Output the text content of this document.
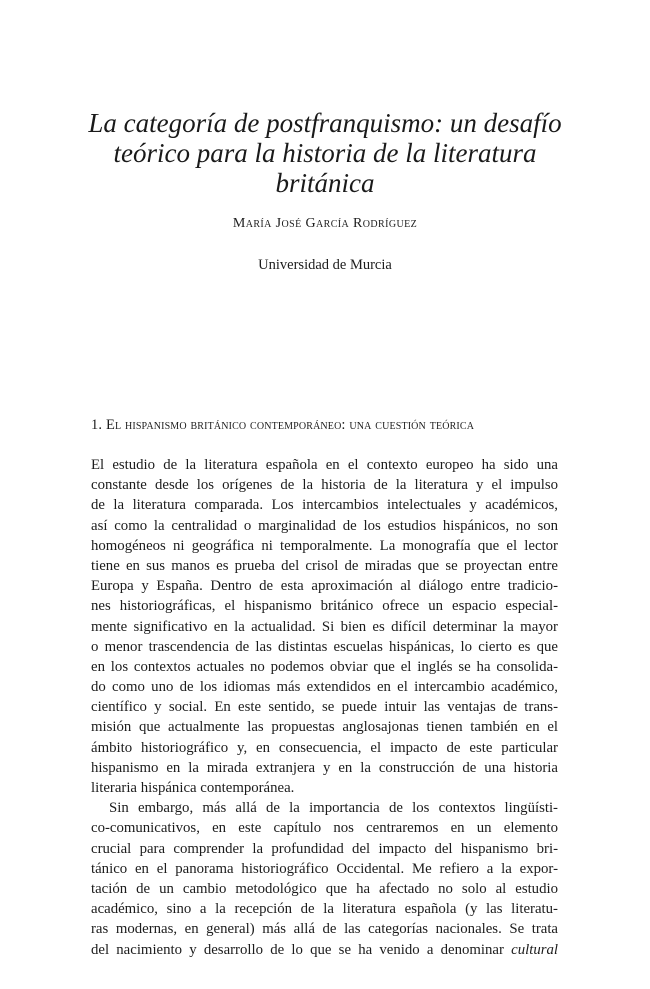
La categoría de postfranquismo: un desafío
teórico para la historia de la literatura
británica
María José García Rodríguez
Universidad de Murcia
1. El hispanismo británico contemporáneo: una cuestión teórica
El estudio de la literatura española en el contexto europeo ha sido una
constante desde los orígenes de la historia de la literatura y el impulso
de la literatura comparada. Los intercambios intelectuales y académicos,
así como la centralidad o marginalidad de los estudios hispánicos, no son
homogéneos ni geográfica ni temporalmente. La monografía que el lector
tiene en sus manos es prueba del crisol de miradas que se proyectan entre
Europa y España. Dentro de esta aproximación al diálogo entre tradicio-
nes historiográficas, el hispanismo británico ofrece un espacio especial-
mente significativo en la actualidad. Si bien es difícil determinar la mayor
o menor trascendencia de las distintas escuelas hispánicas, lo cierto es que
en los contextos actuales no podemos obviar que el inglés se ha consolida-
do como uno de los idiomas más extendidos en el intercambio académico,
científico y social. En este sentido, se puede intuir las ventajas de trans-
misión que actualmente las propuestas anglosajonas tienen también en el
ámbito historiográfico y, en consecuencia, el impacto de este particular
hispanismo en la mirada extranjera y en la construcción de una historia
literaria hispánica contemporánea.
Sin embargo, más allá de la importancia de los contextos lingüísti-
co-comunicativos, en este capítulo nos centraremos en un elemento
crucial para comprender la profundidad del impacto del hispanismo bri-
tánico en el panorama historiográfico Occidental. Me refiero a la expor-
tación de un cambio metodológico que ha afectado no solo al estudio
académico, sino a la recepción de la literatura española (y las literatu-
ras modernas, en general) más allá de las categorías nacionales. Se trata
del nacimiento y desarrollo de lo que se ha venido a denominar cultural
